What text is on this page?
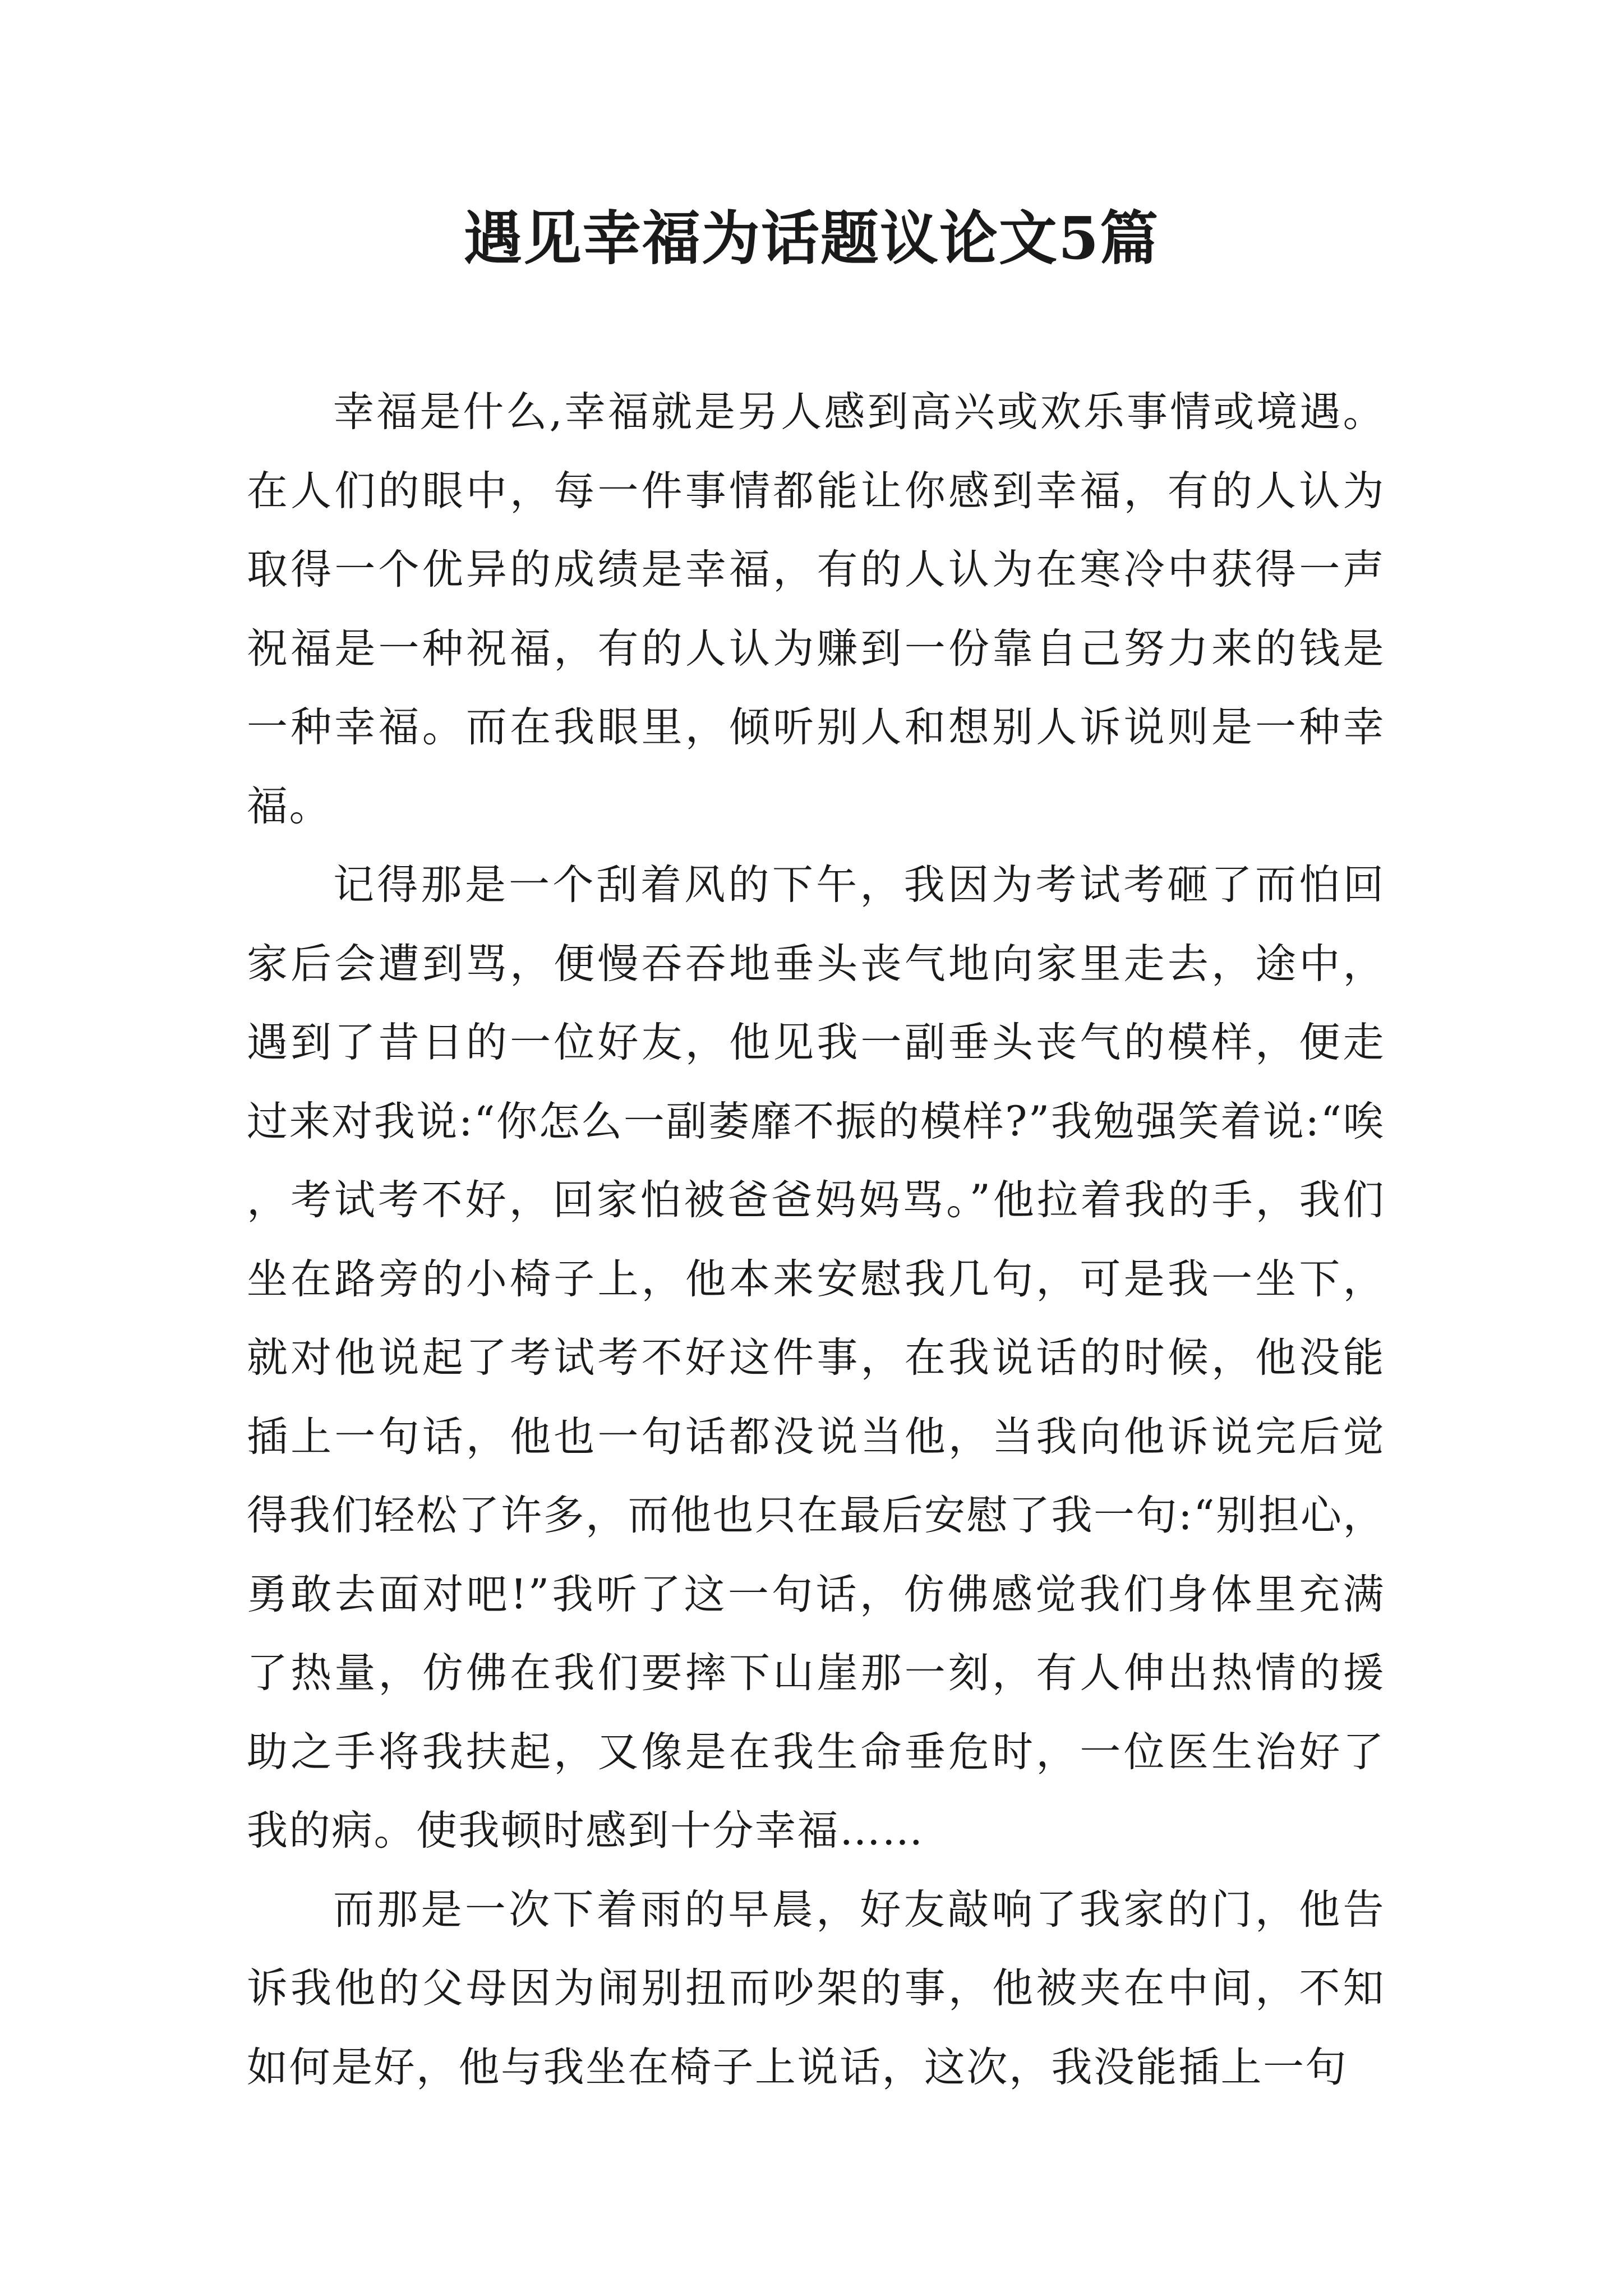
遇见幸福为话题议论文5篇

幸福是什么,幸福就是另人感到高兴或欢乐事情或境遇。在人们的眼中，每一件事情都能让你感到幸福，有的人认为取得一个优异的成绩是幸福，有的人认为在寒冷中获得一声祝福是一种祝福，有的人认为赚到一份靠自己努力来的钱是一种幸福。而在我眼里，倾听别人和想别人诉说则是一种幸福。

记得那是一个刮着风的下午，我因为考试考砸了而怕回家后会遭到骂，便慢吞吞地垂头丧气地向家里走去，途中，遇到了昔日的一位好友，他见我一副垂头丧气的模样，便走过来对我说:“你怎么一副萎靡不振的模样?”我勉强笑着说:“唉，考试考不好，回家怕被爸爸妈妈骂。”他拉着我的手，我们坐在路旁的小椅子上，他本来安慰我几句，可是我一坐下，就对他说起了考试考不好这件事，在我说话的时候，他没能插上一句话，他也一句话都没说当他，当我向他诉说完后觉得我们轻松了许多，而他也只在最后安慰了我一句:“别担心，勇敢去面对吧!”我听了这一句话，仿佛感觉我们身体里充满了热量，仿佛在我们要摔下山崖那一刻，有人伸出热情的援助之手将我扶起，又像是在我生命垂危时，一位医生治好了我的病。使我顿时感到十分幸福……

而那是一次下着雨的早晨，好友敲响了我家的门，他告诉我他的父母因为闹别扭而吵架的事，他被夹在中间，不知如何是好，他与我坐在椅子上说话，这次，我没能插上一句
